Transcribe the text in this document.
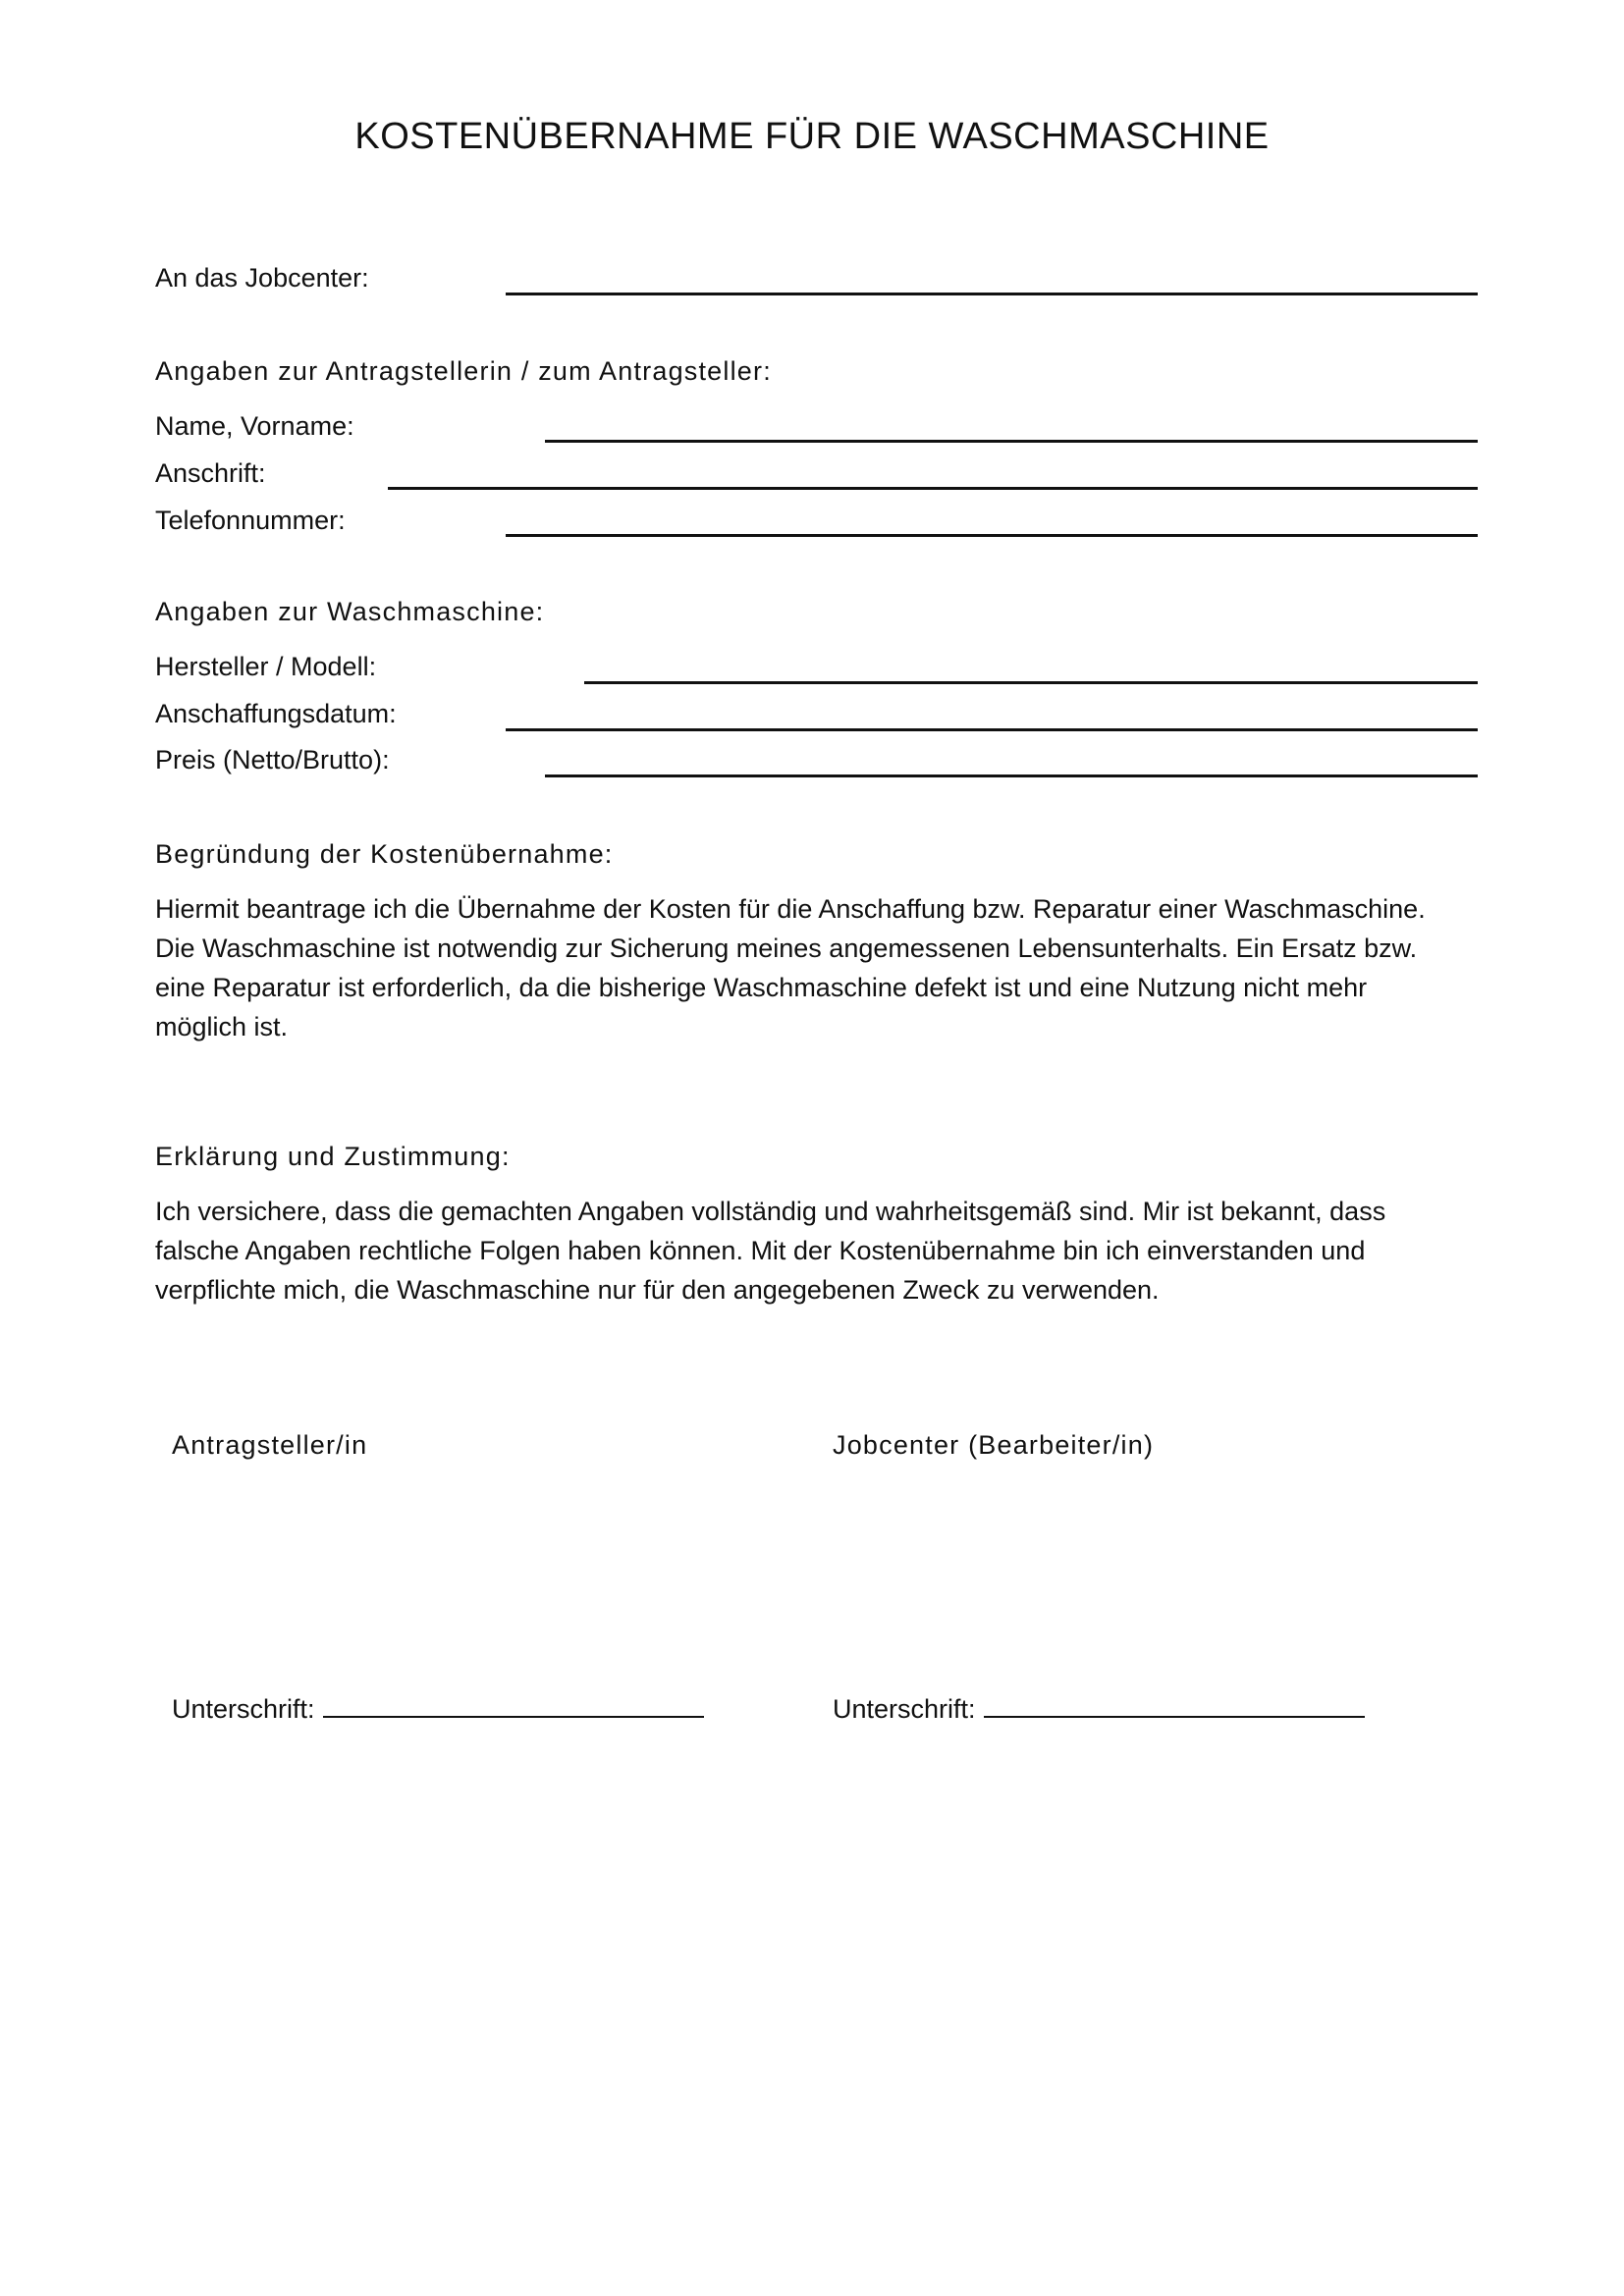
KOSTENÜBERNAHME FÜR DIE WASCHMASCHINE
An das Jobcenter:
Angaben zur Antragstellerin / zum Antragsteller:
Name, Vorname:
Anschrift:
Telefonnummer:
Angaben zur Waschmaschine:
Hersteller / Modell:
Anschaffungsdatum:
Preis (Netto/Brutto):
Begründung der Kostenübernahme:
Hiermit beantrage ich die Übernahme der Kosten für die Anschaffung bzw. Reparatur einer Waschmaschine.
Die Waschmaschine ist notwendig zur Sicherung meines angemessenen Lebensunterhalts. Ein Ersatz bzw.
eine Reparatur ist erforderlich, da die bisherige Waschmaschine defekt ist und eine Nutzung nicht mehr
möglich ist.
Erklärung und Zustimmung:
Ich versichere, dass die gemachten Angaben vollständig und wahrheitsgemäß sind. Mir ist bekannt, dass
falsche Angaben rechtliche Folgen haben können. Mit der Kostenübernahme bin ich einverstanden und
verpflichte mich, die Waschmaschine nur für den angegebenen Zweck zu verwenden.
Antragsteller/in	Jobcenter (Bearbeiter/in)
Unterschrift:	Unterschrift:
